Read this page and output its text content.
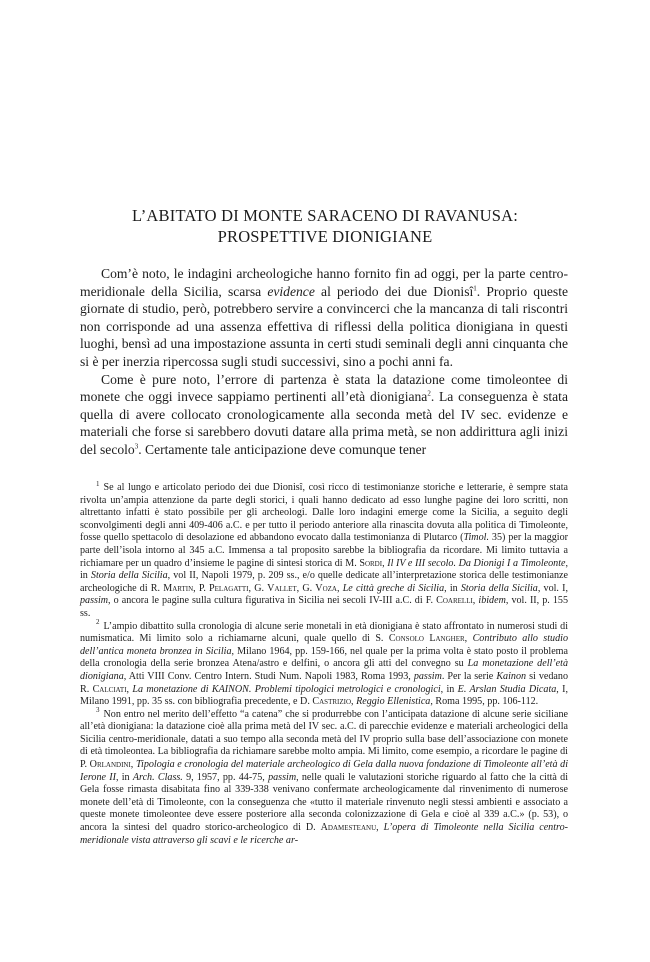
L’ABITATO DI MONTE SARACENO DI RAVANUSA:
PROSPETTIVE DIONIGIANE

Com’è noto, le indagini archeologiche hanno fornito fin ad oggi, per la parte centro-meridionale della Sicilia, scarsa evidence al periodo dei due Dionisî$^1$. Proprio queste giornate di studio, però, potrebbero servire a convincerci che la mancanza di tali riscontri non corrisponde ad una assenza effettiva di riflessi della politica dionigiana in questi luoghi, bensì ad una impostazione assunta in certi studi seminali degli anni cinquanta che si è per inerzia ripercossa sugli studi successivi, sino a pochi anni fa.

Come è pure noto, l’errore di partenza è stata la datazione come timoleontee di monete che oggi invece sappiamo pertinenti all’età dionigiana$^2$. La conseguenza è stata quella di avere collocato cronologicamente alla seconda metà del IV sec. evidenze e materiali che forse si sarebbero dovuti datare alla prima metà, se non addirittura agli inizi del secolo$^3$. Certamente tale anticipazione deve comunque tener

$^1$ Se al lungo e articolato periodo dei due Dionisî, così ricco di testimonianze storiche e letterarie, è sempre stata rivolta un’ampia attenzione da parte degli storici, i quali hanno dedicato ad esso lunghe pagine dei loro scritti, non altrettanto infatti è stato possibile per gli archeologi. Dalle loro indagini emerge come la Sicilia, a seguito degli sconvolgimenti degli anni 409-406 a.C. e per tutto il periodo anteriore alla rinascita dovuta alla politica di Timoleonte, fosse quello spettacolo di desolazione ed abbandono evocato dalla testimonianza di Plutarco (Timol. 35) per la maggior parte dell’isola intorno al 345 a.C. Immensa a tal proposito sarebbe la bibliografia da ricordare. Mi limito tuttavia a richiamare per un quadro d’insieme le pagine di sintesi storica di M. Sordi, Il IV e III secolo. Da Dionigi I a Timoleonte, in Storia della Sicilia, vol II, Napoli 1979, p. 209 ss., e/o quelle dedicate all’interpretazione storica delle testimonianze archeologiche di R. Martin, P. Pelagatti, G. Vallet, G. Voza, Le città greche di Sicilia, in Storia della Sicilia, vol. I, passim, o ancora le pagine sulla cultura figurativa in Sicilia nei secoli IV-III a.C. di F. Coarelli, ibidem, vol. II, p. 155 ss.

$^2$ L’ampio dibattito sulla cronologia di alcune serie monetali in età dionigiana è stato affrontato in numerosi studi di numismatica. Mi limito solo a richiamarne alcuni, quale quello di S. Consolo Langher, Contributo allo studio dell’antica moneta bronzea in Sicilia, Milano 1964, pp. 159-166, nel quale per la prima volta è stato posto il problema della cronologia della serie bronzea Atena/astro e delfini, o ancora gli atti del convegno su La monetazione dell’età dionigiana, Atti VIII Conv. Centro Intern. Studi Num. Napoli 1983, Roma 1993, passim. Per la serie Kainon si vedano R. Calciati, La monetazione di KAINON. Problemi tipologici metrologici e cronologici, in E. Arslan Studia Dicata, I, Milano 1991, pp. 35 ss. con bibliografia precedente, e D. Castrizio, Reggio Ellenistica, Roma 1995, pp. 106-112.

$^3$ Non entro nel merito dell’effetto “a catena” che si produrrebbe con l’anticipata datazione di alcune serie siciliane all’età dionigiana: la datazione cioè alla prima metà del IV sec. a.C. di parecchie evidenze e materiali archeologici della Sicilia centro-meridionale, datati a suo tempo alla seconda metà del IV proprio sulla base dell’associazione con monete di età timoleontea. La bibliografia da richiamare sarebbe molto ampia. Mi limito, come esempio, a ricordare le pagine di P. Orlandini, Tipologia e cronologia del materiale archeologico di Gela dalla nuova fondazione di Timoleonte all’età di Ierone II, in Arch. Class. 9, 1957, pp. 44-75, passim, nelle quali le valutazioni storiche riguardo al fatto che la città di Gela fosse rimasta disabitata fino al 339-338 venivano confermate archeologicamente dal rinvenimento di numerose monete dell’età di Timoleonte, con la conseguenza che «tutto il materiale rinvenuto negli stessi ambienti e associato a queste monete timoleontee deve essere posteriore alla seconda colonizzazione di Gela e cioè al 339 a.C.» (p. 53), o ancora la sintesi del quadro storico-archeologico di D. Adamesteanu, L’opera di Timoleonte nella Sicilia centro-meridionale vista attraverso gli scavi e le ricerche ar-
